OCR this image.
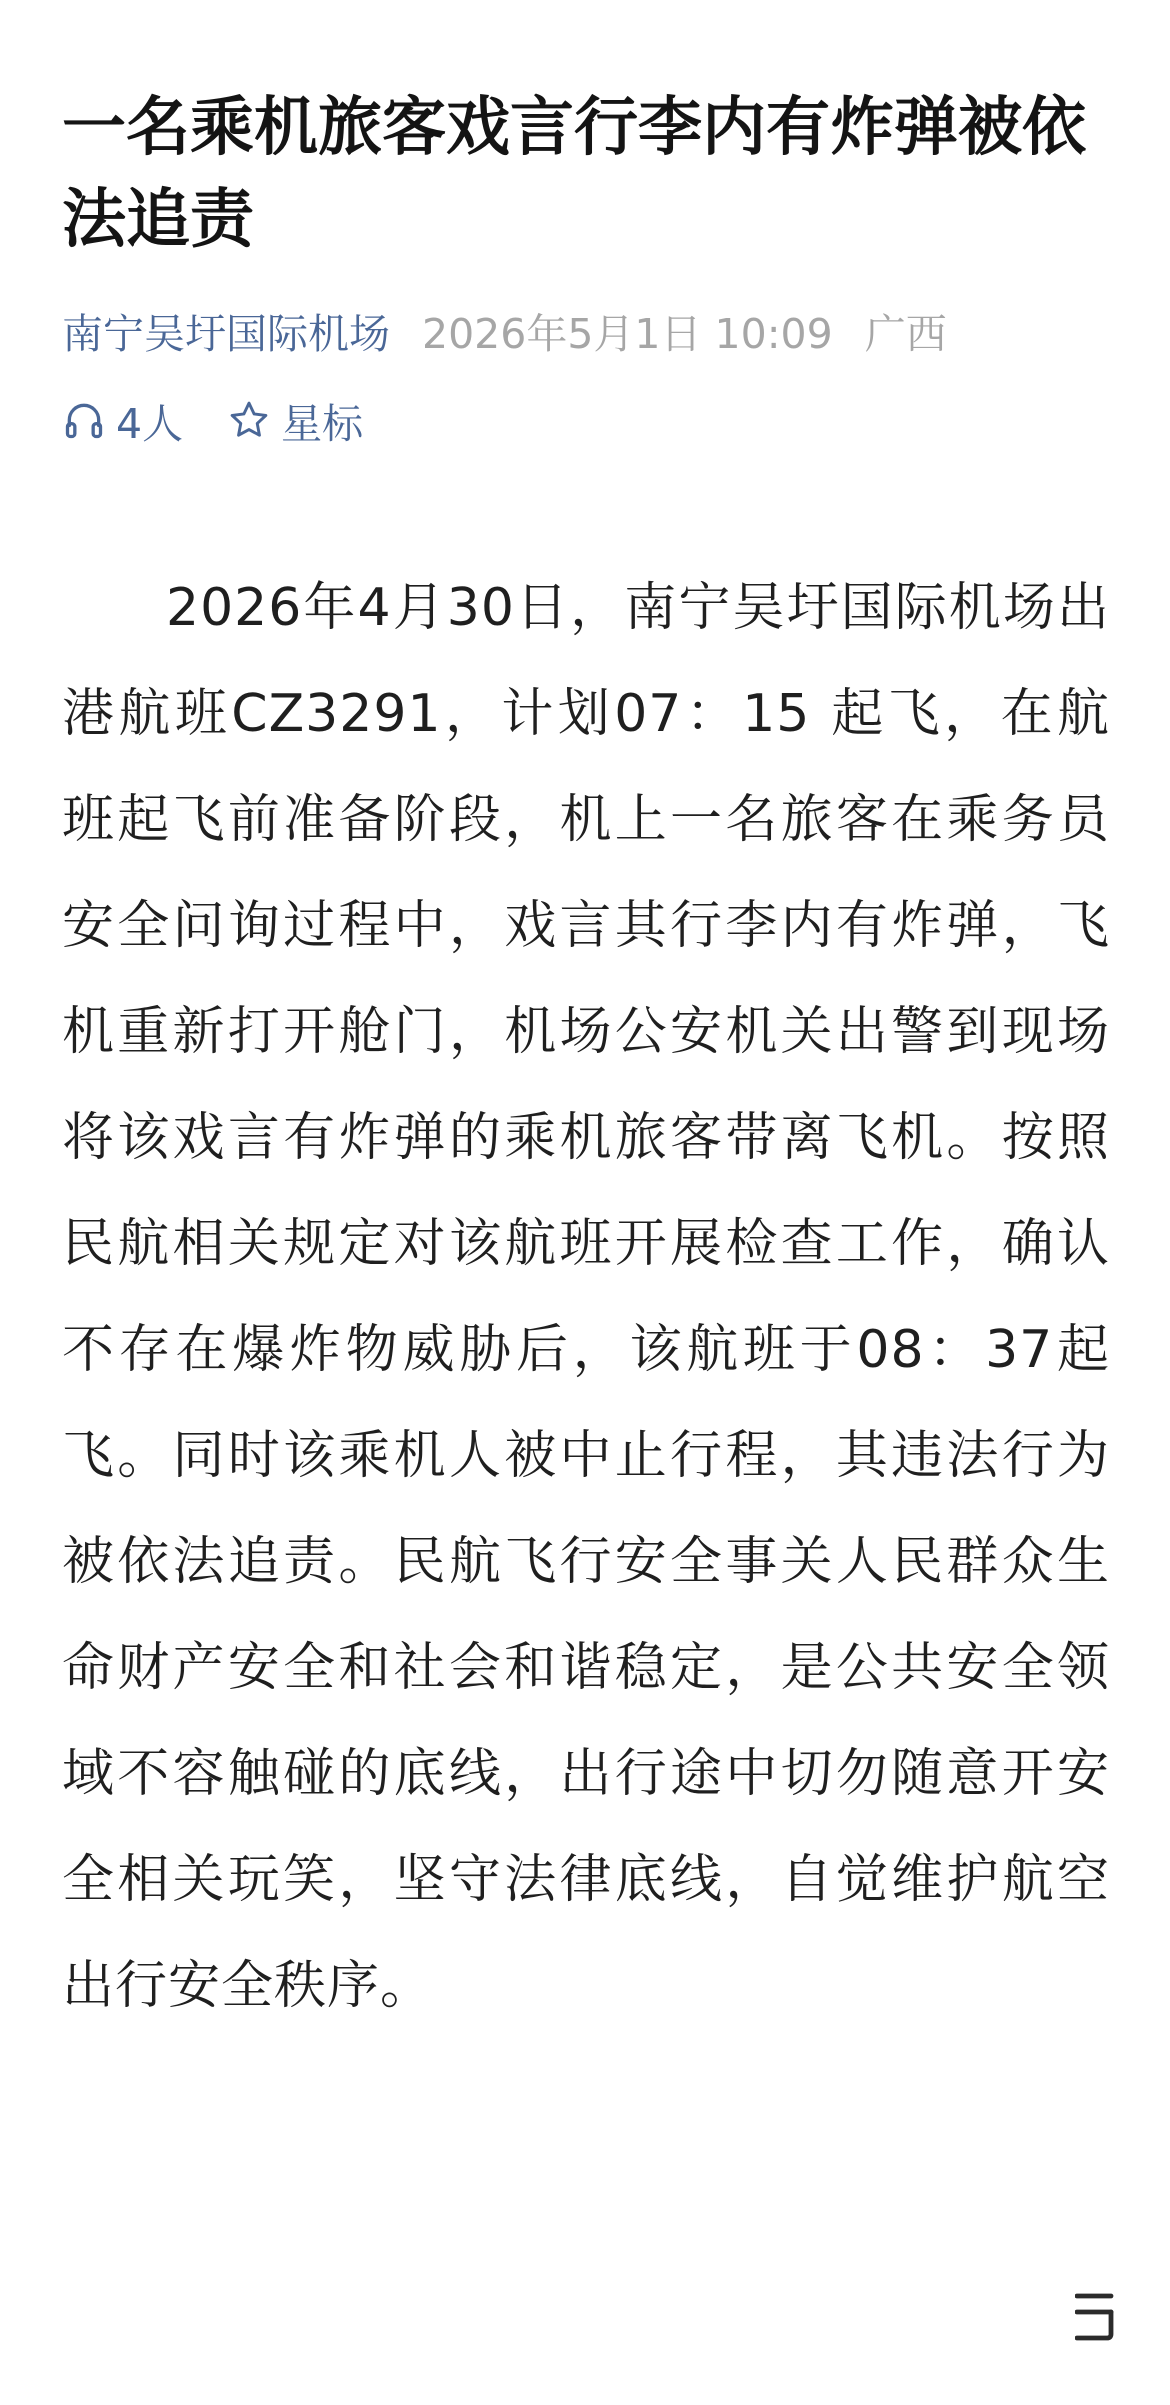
一名乘机旅客戏言行李内有炸弹被依法追责
南宁吴圩国际机场 2026年5月1日 10:09 广西
4人 星标

2026年4月30日，南宁吴圩国际机场出港航班CZ3291，计划07：15 起飞，在航班起飞前准备阶段，机上一名旅客在乘务员安全问询过程中，戏言其行李内有炸弹，飞机重新打开舱门，机场公安机关出警到现场将该戏言有炸弹的乘机旅客带离飞机。按照民航相关规定对该航班开展检查工作，确认不存在爆炸物威胁后，该航班于08：37起飞。同时该乘机人被中止行程，其违法行为被依法追责。民航飞行安全事关人民群众生命财产安全和社会和谐稳定，是公共安全领域不容触碰的底线，出行途中切勿随意开安全相关玩笑，坚守法律底线，自觉维护航空出行安全秩序。
